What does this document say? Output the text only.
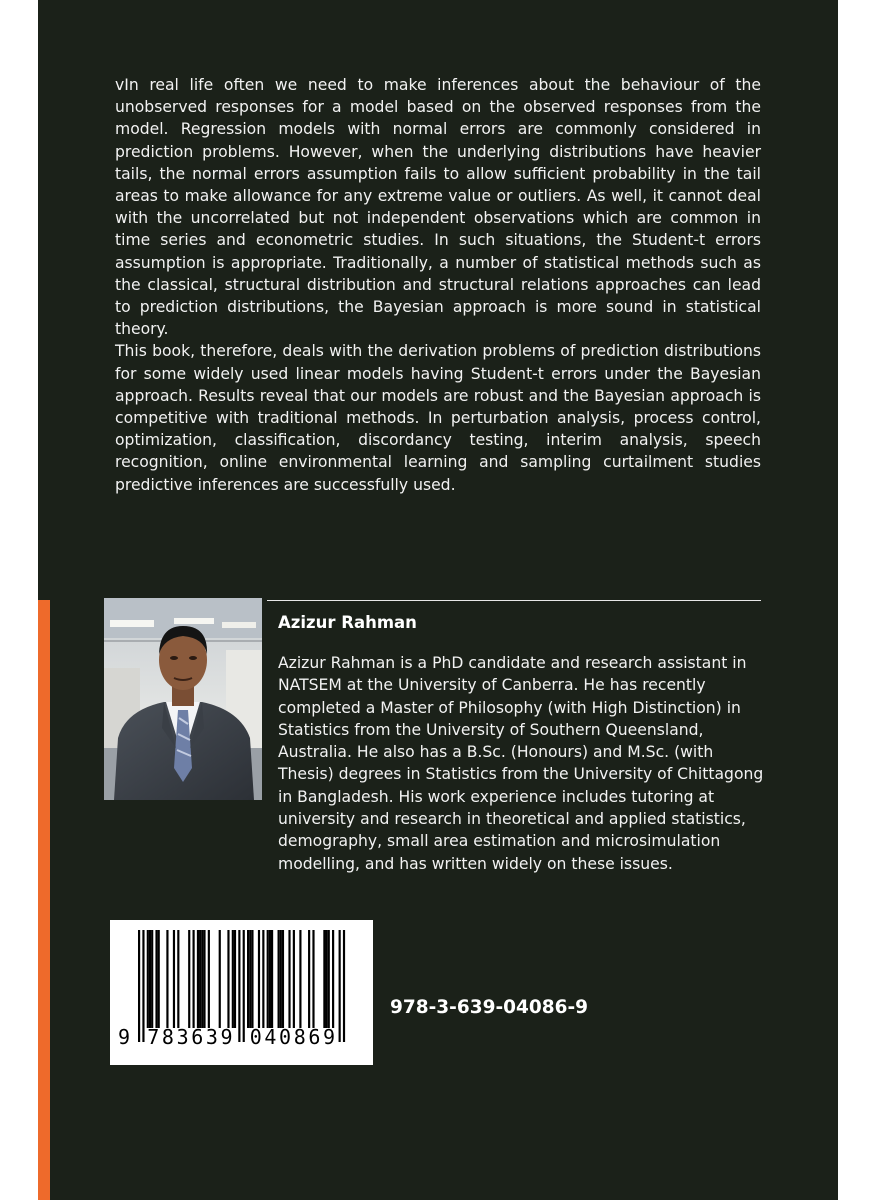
vIn real life often we need to make inferences about the behaviour of the unobserved responses for a model based on the observed responses from the model. Regression models with normal errors are commonly considered in prediction problems. However, when the underlying distributions have heavier tails, the normal errors assumption fails to allow sufficient probability in the tail areas to make allowance for any extreme value or outliers. As well, it cannot deal with the uncorrelated but not independent observations which are common in time series and econometric studies. In such situations, the Student-t errors assumption is appropriate. Traditionally, a number of statistical methods such as the classical, structural distribution and structural relations approaches can lead to prediction distributions, the Bayesian approach is more sound in statistical theory.

This book, therefore, deals with the derivation problems of prediction distributions for some widely used linear models having Student-t errors under the Bayesian approach. Results reveal that our models are robust and the Bayesian approach is competitive with traditional methods. In perturbation analysis, process control, optimization, classification, discordancy testing, interim analysis, speech recognition, online environmental learning and sampling curtailment studies predictive inferences are successfully used.

Azizur Rahman
Azizur Rahman is a PhD candidate and research assistant in NATSEM at the University of Canberra. He has recently completed a Master of Philosophy (with High Distinction) in Statistics from the University of Southern Queensland, Australia. He also has a B.Sc. (Honours) and M.Sc. (with Thesis) degrees in Statistics from the University of Chittagong in Bangladesh. His work experience includes tutoring at university and research in theoretical and applied statistics, demography, small area estimation and microsimulation modelling, and has written widely on these issues.
9 783639 040869
978-3-639-04086-9
